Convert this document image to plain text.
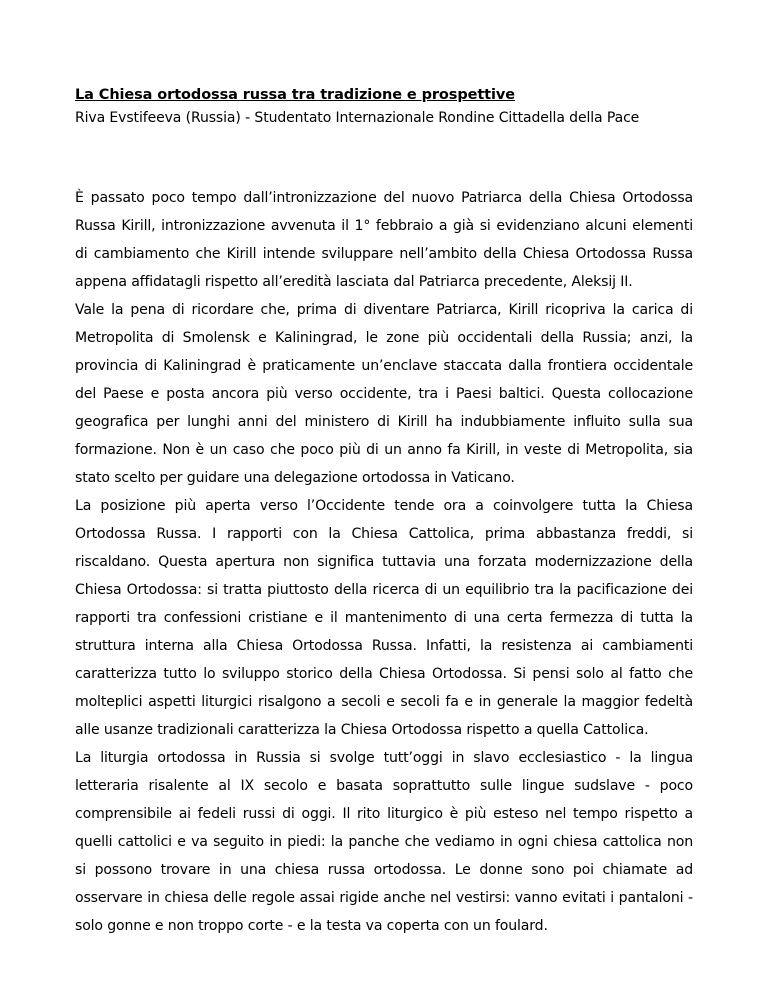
La Chiesa ortodossa russa tra tradizione e prospettive

Riva Evstifeeva (Russia) - Studentato Internazionale Rondine Cittadella della Pace

È passato poco tempo dall’intronizzazione del nuovo Patriarca della Chiesa Ortodossa Russa Kirill, intronizzazione avvenuta il 1° febbraio a già si evidenziano alcuni elementi di cambiamento che Kirill intende sviluppare nell’ambito della Chiesa Ortodossa Russa appena affidatagli rispetto all’eredità lasciata dal Patriarca precedente, Aleksij II.

Vale la pena di ricordare che, prima di diventare Patriarca, Kirill ricopriva la carica di Metropolita di Smolensk e Kaliningrad, le zone più occidentali della Russia; anzi, la provincia di Kaliningrad è praticamente un’enclave staccata dalla frontiera occidentale del Paese e posta ancora più verso occidente, tra i Paesi baltici. Questa collocazione geografica per lunghi anni del ministero di Kirill ha indubbiamente influito sulla sua formazione. Non è un caso che poco più di un anno fa Kirill, in veste di Metropolita, sia stato scelto per guidare una delegazione ortodossa in Vaticano.

La posizione più aperta verso l’Occidente tende ora a coinvolgere tutta la Chiesa Ortodossa Russa. I rapporti con la Chiesa Cattolica, prima abbastanza freddi, si riscaldano. Questa apertura non significa tuttavia una forzata modernizzazione della Chiesa Ortodossa: si tratta piuttosto della ricerca di un equilibrio tra la pacificazione dei rapporti tra confessioni cristiane e il mantenimento di una certa fermezza di tutta la struttura interna alla Chiesa Ortodossa Russa. Infatti, la resistenza ai cambiamenti caratterizza tutto lo sviluppo storico della Chiesa Ortodossa. Si pensi solo al fatto che molteplici aspetti liturgici risalgono a secoli e secoli fa e in generale la maggior fedeltà alle usanze tradizionali caratterizza la Chiesa Ortodossa rispetto a quella Cattolica.

La liturgia ortodossa in Russia si svolge tutt’oggi in slavo ecclesiastico - la lingua letteraria risalente al IX secolo e basata soprattutto sulle lingue sudslave - poco comprensibile ai fedeli russi di oggi. Il rito liturgico è più esteso nel tempo rispetto a quelli cattolici e va seguito in piedi: la panche che vediamo in ogni chiesa cattolica non si possono trovare in una chiesa russa ortodossa. Le donne sono poi chiamate ad osservare in chiesa delle regole assai rigide anche nel vestirsi: vanno evitati i pantaloni - solo gonne e non troppo corte - e la testa va coperta con un foulard.
